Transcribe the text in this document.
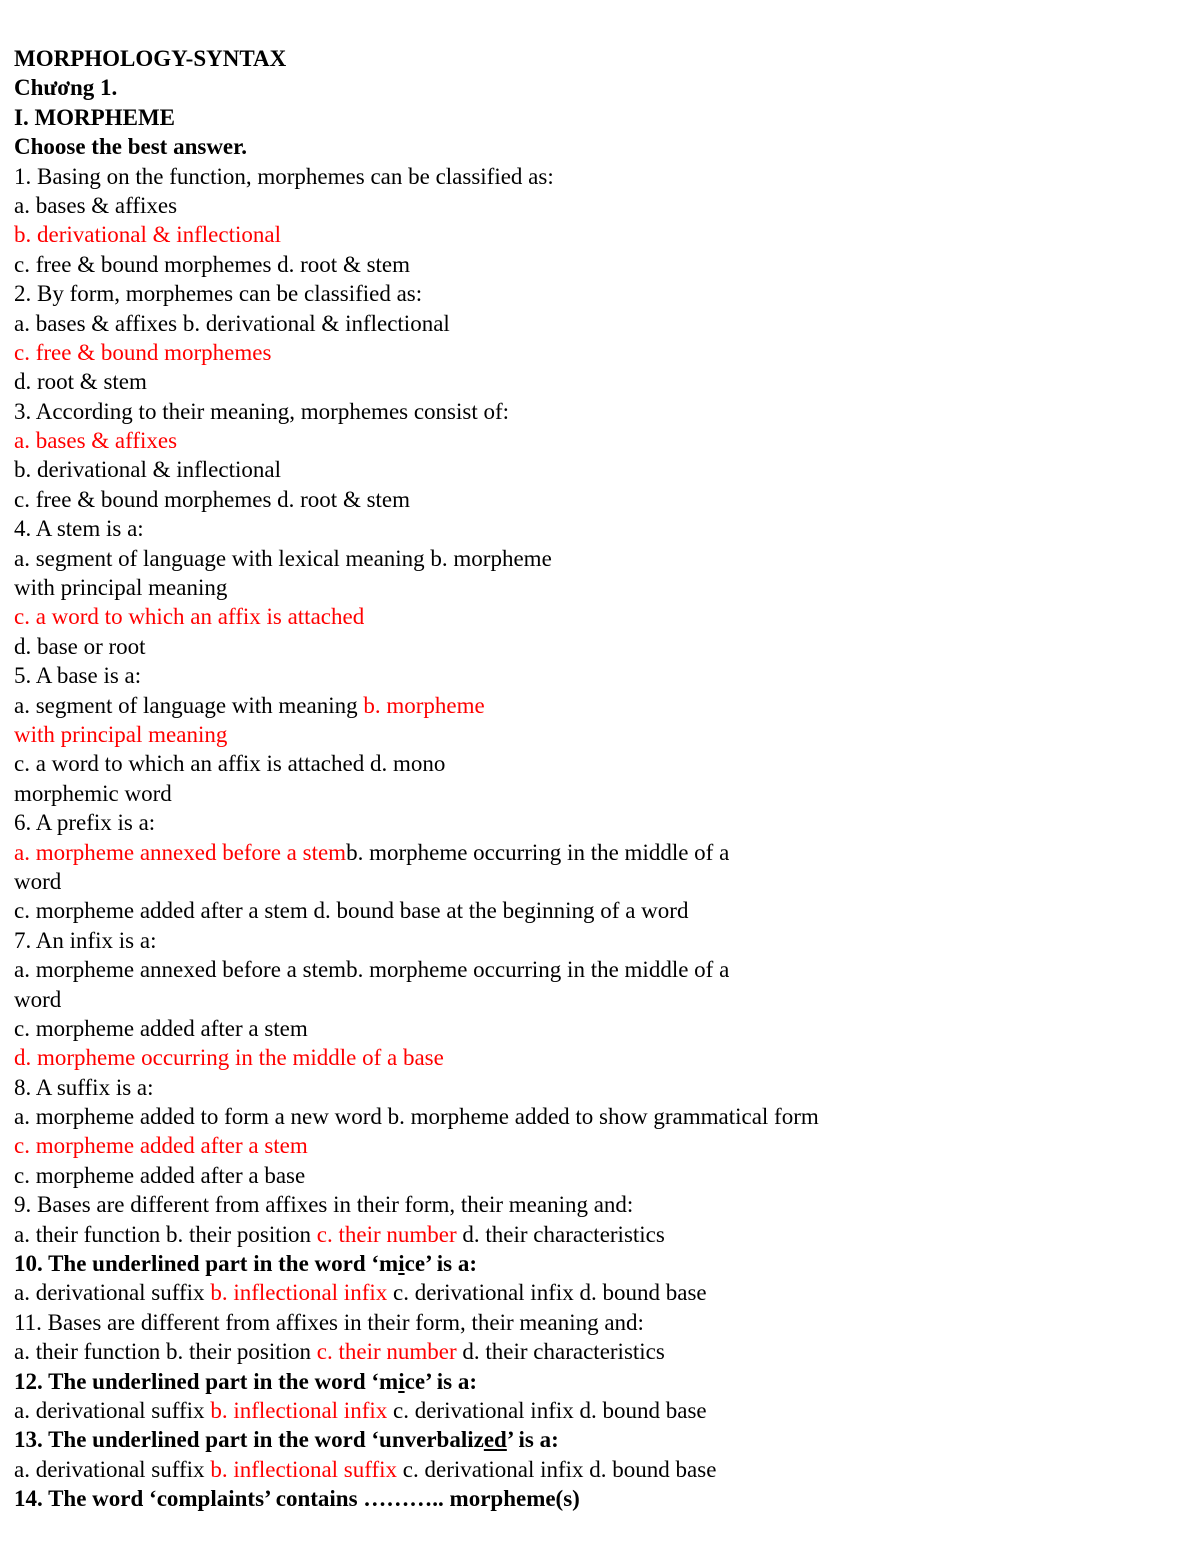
MORPHOLOGY-SYNTAX
Chương 1.
I. MORPHEME
Choose the best answer.
1. Basing on the function, morphemes can be classified as:
a. bases & affixes
b. derivational & inflectional
c. free & bound morphemes d. root & stem
2. By form, morphemes can be classified as:
a. bases & affixes b. derivational & inflectional
c. free & bound morphemes
d. root & stem
3. According to their meaning, morphemes consist of:
a. bases & affixes
b. derivational & inflectional
c. free & bound morphemes d. root & stem
4. A stem is a:
a. segment of language with lexical meaning b. morpheme
with principal meaning
c. a word to which an affix is attached
d. base or root
5. A base is a:
a. segment of language with meaning b. morpheme
with principal meaning
c. a word to which an affix is attached d. mono
morphemic word
6. A prefix is a:
a. morpheme annexed before a stemb. morpheme occurring in the middle of a
word
c. morpheme added after a stem d. bound base at the beginning of a word
7. An infix is a:
a. morpheme annexed before a stemb. morpheme occurring in the middle of a
word
c. morpheme added after a stem
d. morpheme occurring in the middle of a base
8. A suffix is a:
a. morpheme added to form a new word b. morpheme added to show grammatical form
c. morpheme added after a stem
c. morpheme added after a base
9. Bases are different from affixes in their form, their meaning and:
a. their function b. their position c. their number d. their characteristics
10. The underlined part in the word ‘mice’ is a:
a. derivational suffix b. inflectional infix c. derivational infix d. bound base
11. Bases are different from affixes in their form, their meaning and:
a. their function b. their position c. their number d. their characteristics
12. The underlined part in the word ‘mice’ is a:
a. derivational suffix b. inflectional infix c. derivational infix d. bound base
13. The underlined part in the word ‘unverbalized’ is a:
a. derivational suffix b. inflectional suffix c. derivational infix d. bound base
14. The word ‘complaints’ contains ……….. morpheme(s)
